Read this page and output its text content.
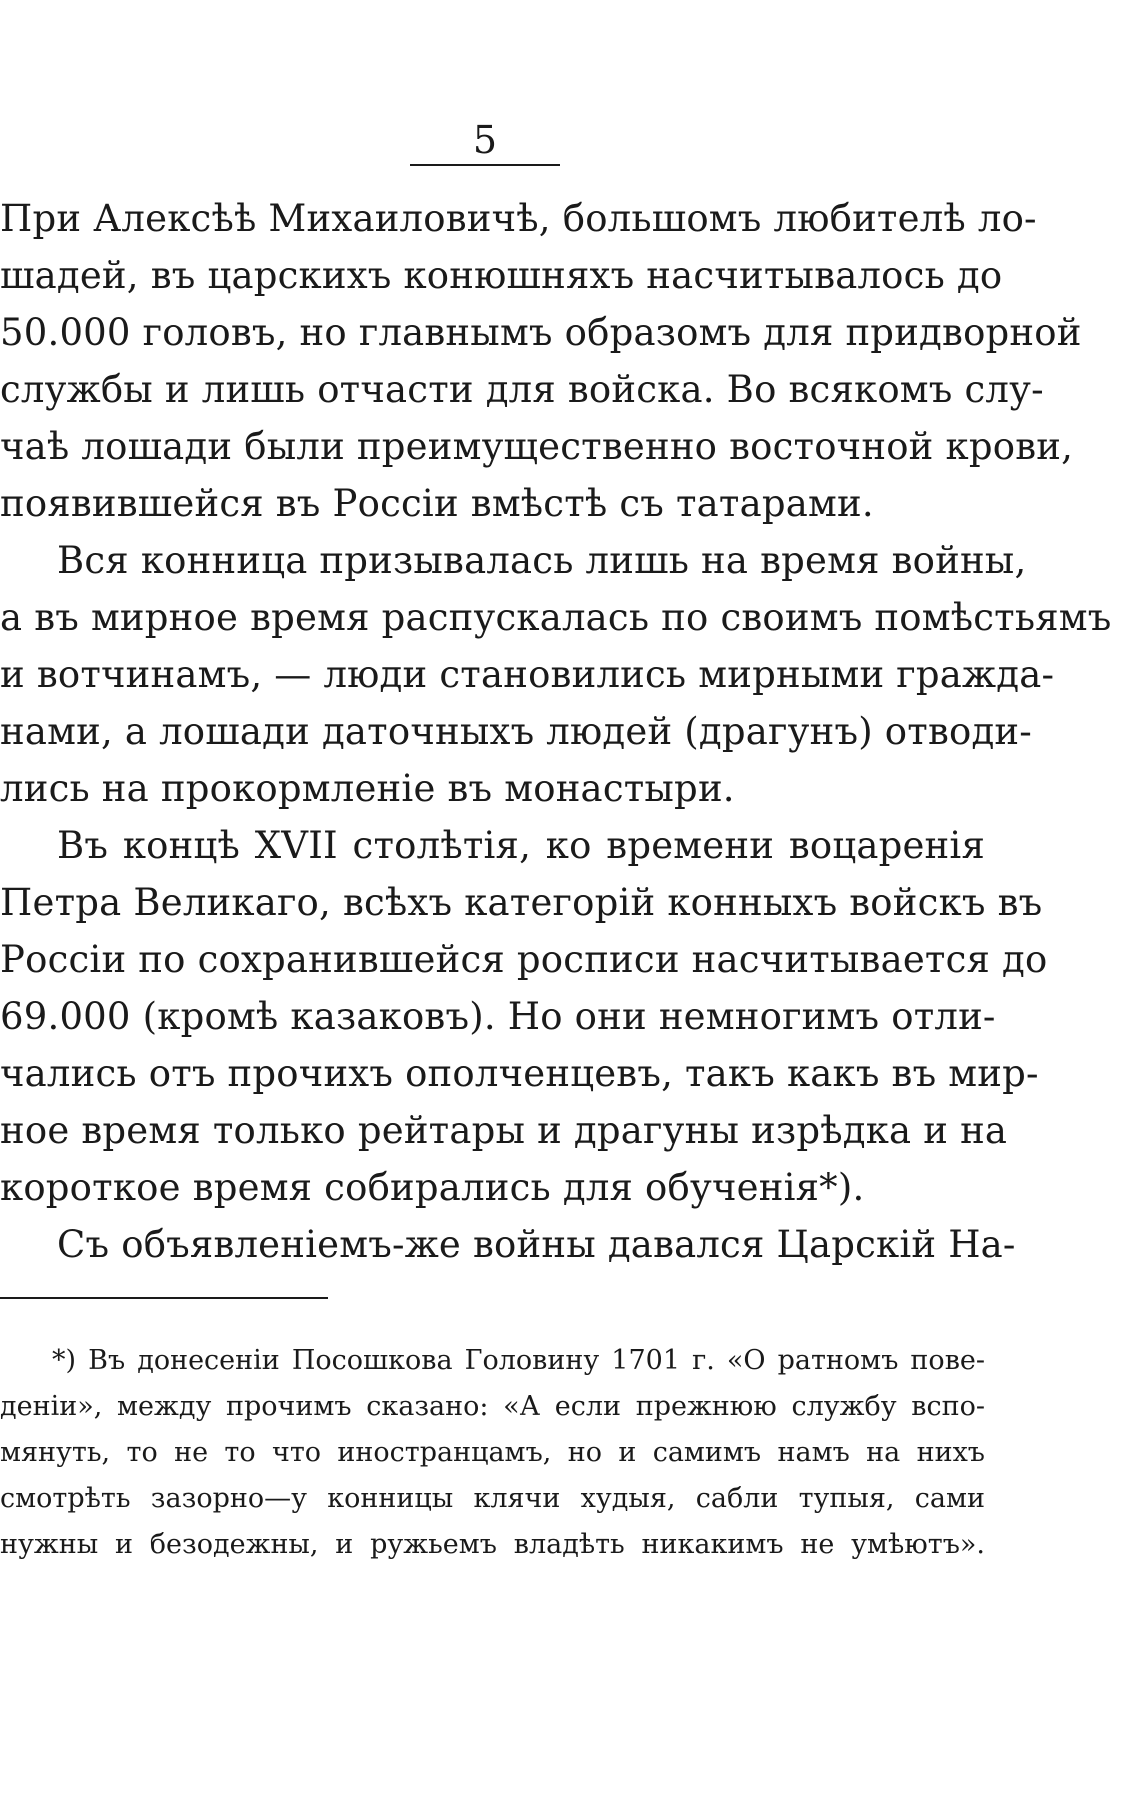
5
При Алексѣѣ Михаиловичѣ, большомъ любителѣ ло-
шадей, въ царскихъ конюшняхъ насчитывалось до
50.000 головъ, но главнымъ образомъ для придворной
службы и лишь отчасти для войска. Во всякомъ слу-
чаѣ лошади были преимущественно восточной крови,
появившейся въ Россіи вмѣстѣ съ татарами.
Вся конница призывалась лишь на время войны,
а въ мирное время распускалась по своимъ помѣстьямъ
и вотчинамъ, — люди становились мирными гражда-
нами, а лошади даточныхъ людей (драгунъ) отводи-
лись на прокормленіе въ монастыри.
Въ концѣ XVII столѣтія, ко времени воцаренія
Петра Великаго, всѣхъ категорій конныхъ войскъ въ
Россіи по сохранившейся росписи насчитывается до
69.000 (кромѣ казаковъ). Но они немногимъ отли-
чались отъ прочихъ ополченцевъ, такъ какъ въ мир-
ное время только рейтары и драгуны изрѣдка и на
короткое время собирались для обученія*).
Съ объявленіемъ-же войны давался Царскій На-
*) Въ донесеніи Посошкова Головину 1701 г. «О ратномъ пове-
деніи», между прочимъ сказано: «А если прежнюю службу вспо-
мянуть, то не то что иностранцамъ, но и самимъ намъ на нихъ
смотрѣть зазорно—у конницы клячи худыя, сабли тупыя, сами
нужны и безодежны, и ружьемъ владѣть никакимъ не умѣютъ».
